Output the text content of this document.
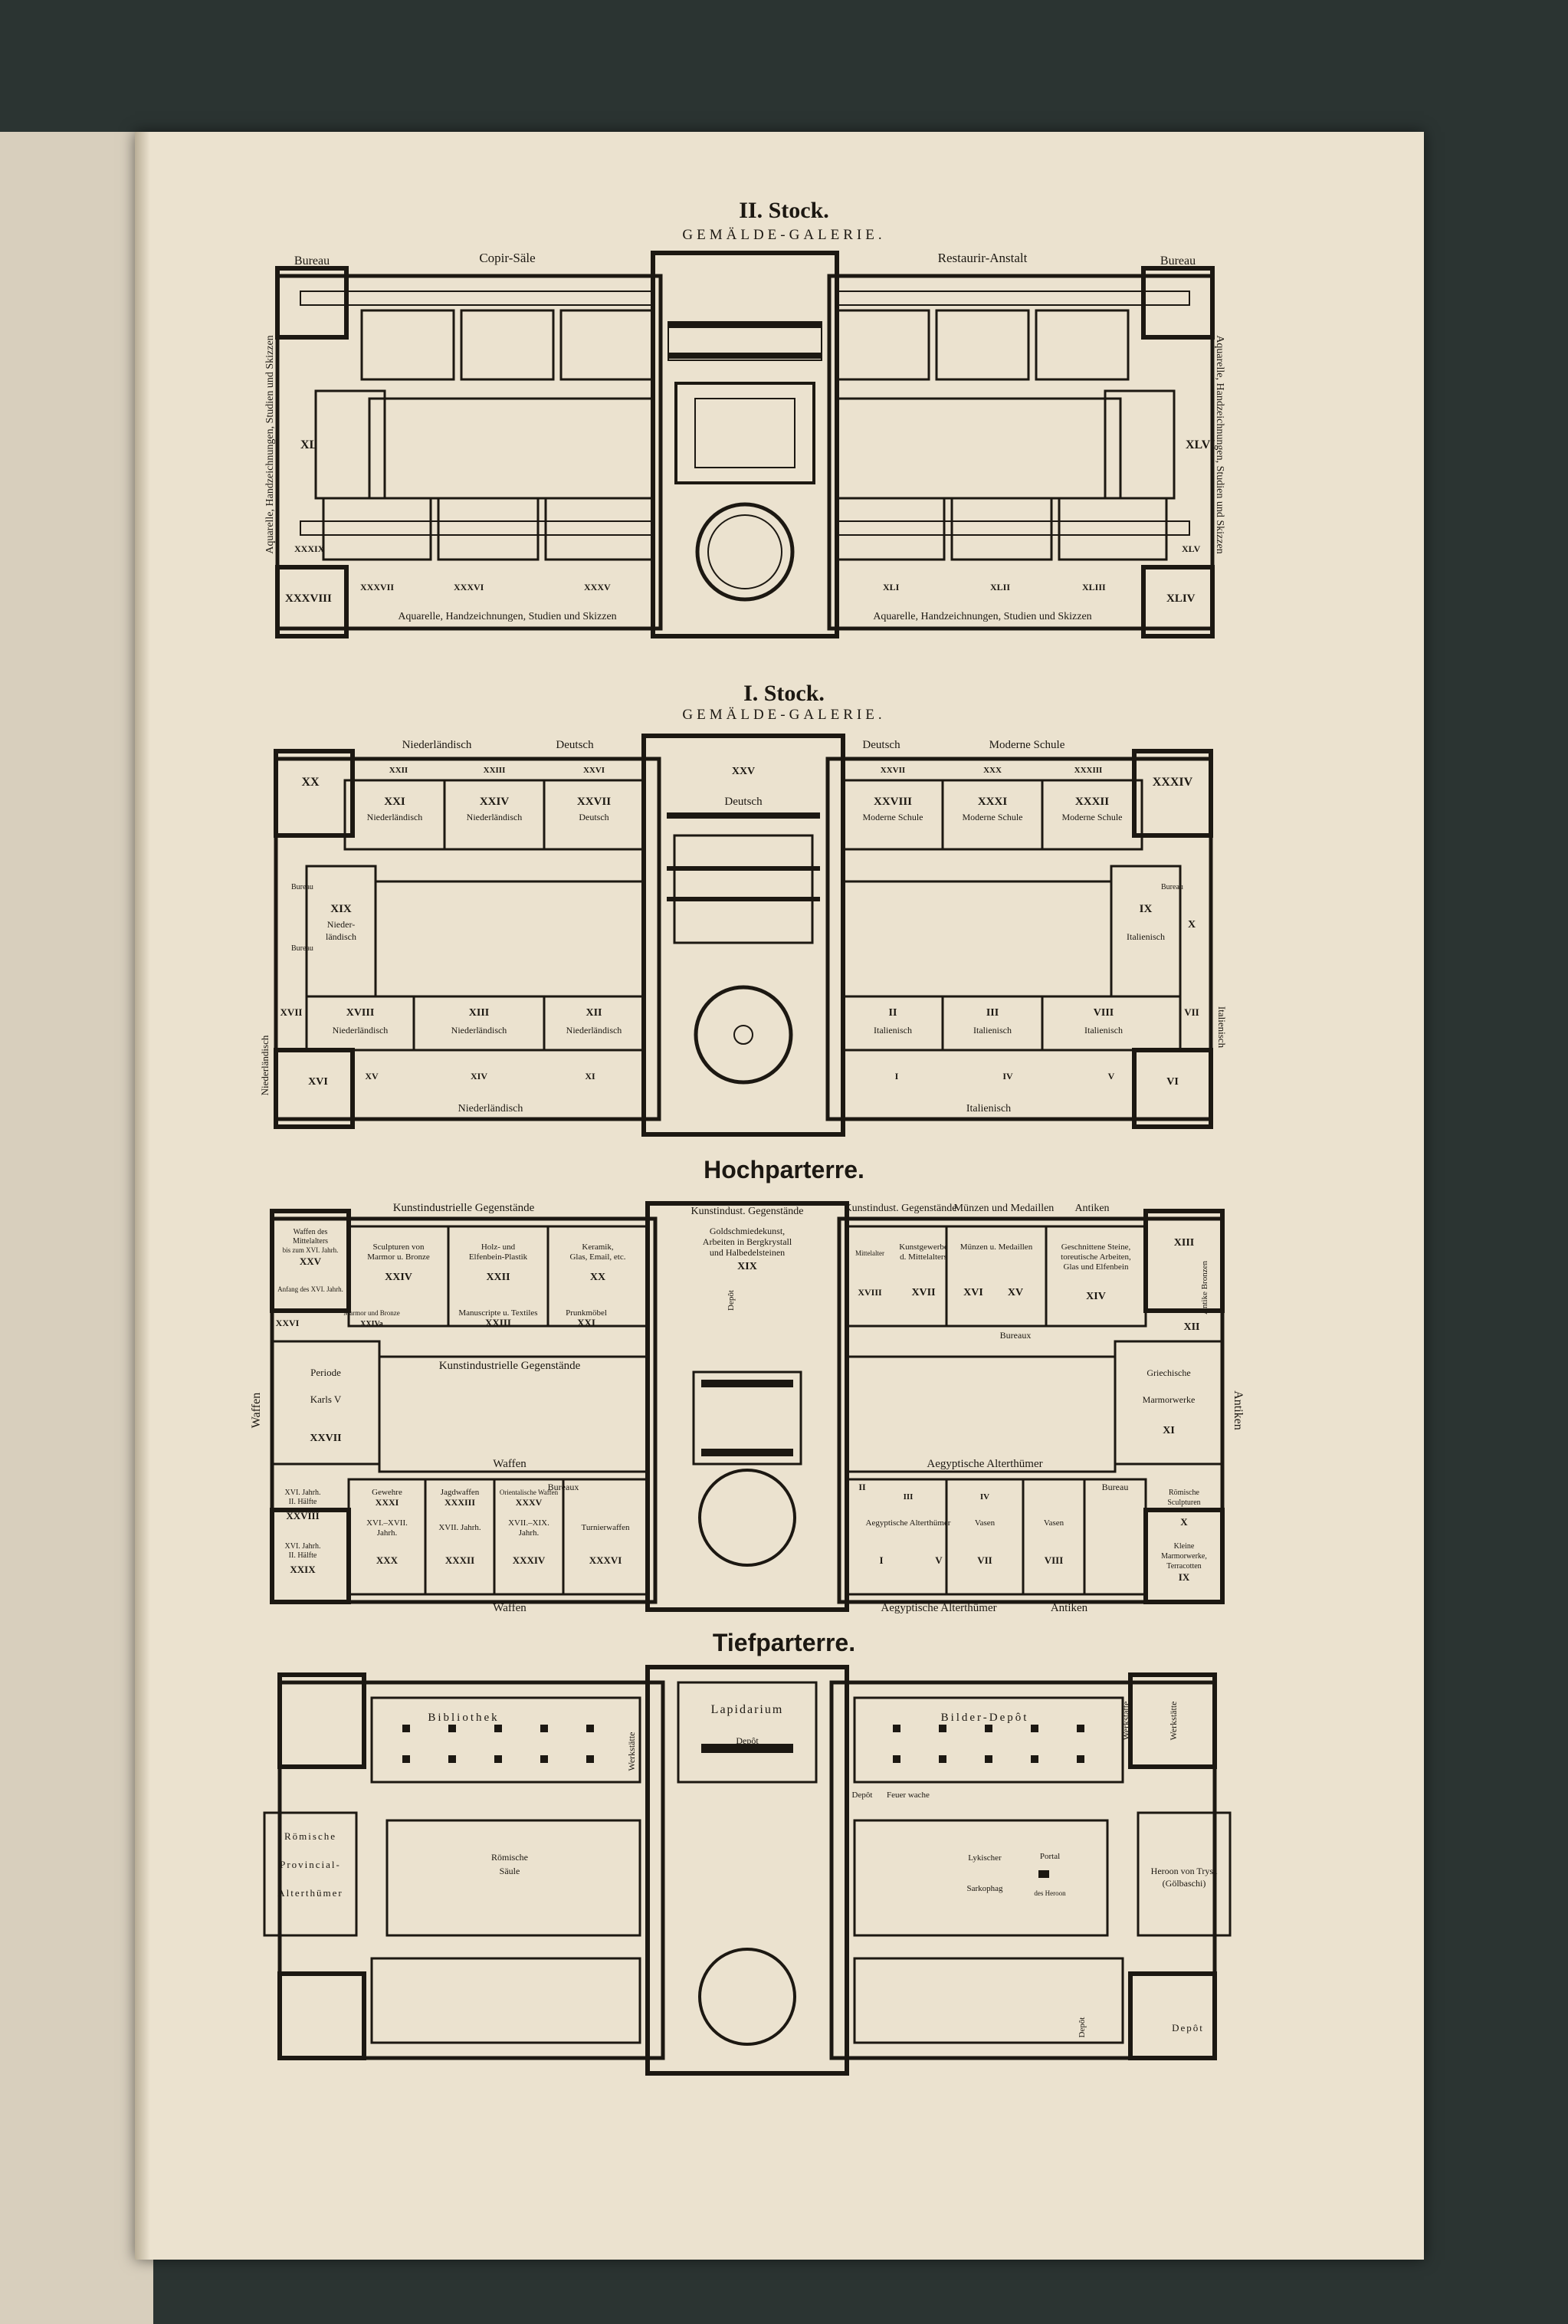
II. Stock.
GEMÄLDE-GALERIE.
Bureau	Bureau
Copir-Säle	Restaurir-Anstalt
Aquarelle, Handzeichnungen, Studien und Skizzen	Aquarelle, Handzeichnungen, Studien und Skizzen
Aquarelle, Handzeichnungen, Studien und Skizzen	Aquarelle, Handzeichnungen, Studien und Skizzen
XL	XLVI
XXXIX	XLV
XXXVIII
XXXVII	XXXVI	XXXV	XLI	XLII	XLIII
XLIV
I. Stock.
GEMÄLDE-GALERIE.
Niederländisch	Deutsch	Deutsch	Moderne Schule
Deutsch
Niederländisch
Italienisch
Niederländisch	Italienisch
Bureau
Bureau
Bureau
XX
XXII	XXIII	XXVI	XXV	XXVII	XXX	XXXIII
XXXIV
XXI
Niederländisch
XXIV
Niederländisch
XXVII
Deutsch
XXVIII
Moderne Schule
XXXI
Moderne Schule
XXXII
Moderne Schule
XIX
Nieder-
ländisch
IX
Italienisch
X
XVII	XVIII
Niederländisch
XIII
Niederländisch
XII
Niederländisch
II
Italienisch
III
Italienisch
VIII
Italienisch
VII
XVI	XV	XIV	XI	I	IV	V	VI
Hochparterre.
Kunstindustrielle Gegenstände	Kunstindust. Gegenstände	Kunstindust. Gegenstände
Münzen und Medaillen Antiken
Waffen	Antiken
Kunstindustrielle Gegenstände
Waffen	Aegyptische Alterthümer
Waffen	Aegyptische Alterthümer	Antiken
Depôt
Bureaux
Bureaux	Bureau
Antike Bronzen
Periode
Karls V
Griechische
Marmorwerke
Römische
Sculpturen
Kleine
Marmorwerke,
Terracotten
Waffen des
Mittelalters
bis zum XVI. Jahrh.
XXV
Sculpturen von
Marmor u. Bronze
XXIV
Holz- und
Elfenbein-Plastik
XXII
Keramik,
Glas, Email, etc.
XX
Goldschmiedekunst,
Arbeiten in Bergkrystall
und Halbedelsteinen
XIX
Mittelalter
XVIII
Kunstgewerbe
d. Mittelalters
XVII	XVI
Münzen u. Medaillen
XV
Geschnittene Steine,
toreutische Arbeiten,
Glas und Elfenbein
XIV
XIII
XII
Anfang des XVI. Jahrh.
XXVI
Marmor und Bronze
XXIVa
Manuscripte u. Textiles
XXIII
Prunkmöbel
XXI
XXVII
XI
XVI. Jahrh.
II. Hälfte
XXVIII
Gewehre
XXXI
Jagdwaffen
XXXIII
Orientalische Waffen
XXXV
II
III	IV
X
XVI. Jahrh.
II. Hälfte
XXIX
XVI.–XVII.
Jahrh.
XXX
XVII. Jahrh.
XXXII
XVII.–XIX.
Jahrh.
XXXIV
Turnierwaffen
XXXVI
Aegyptische Alterthümer
I	V
Vasen
VII
Vasen
VIII
IX
Tiefparterre.
Bibliothek
Lapidarium
Bilder-Depôt
Werkstätte
Werkstätte	Werkstätte
Depôt
Depôt Feuer wache
Römische
Provincial-
Alterthümer
Römische
Säule
Lykischer
Sarkophag
Portal
des Heroon
Heroon von Trysa
(Gölbaschi)
Depôt
Depôt
